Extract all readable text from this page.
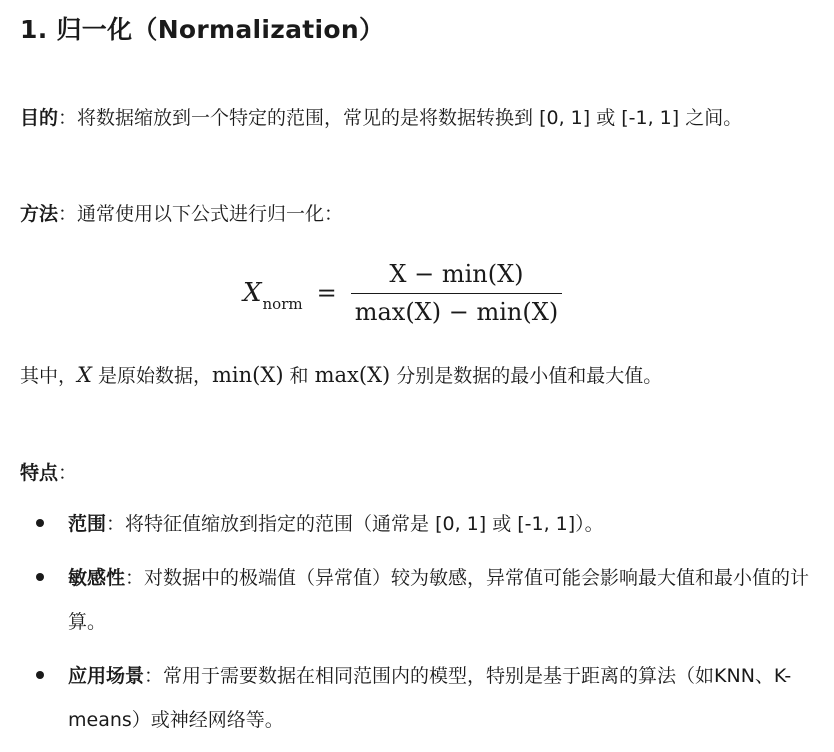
1. 归一化（Normalization）
目的：将数据缩放到一个特定的范围，常见的是将数据转换到 [0, 1] 或 [-1, 1] 之间。
方法：通常使用以下公式进行归一化：
$X_{norm} = \frac{X - \min(X)}{\max(X) - \min(X)}$
其中，X 是原始数据，min(X) 和 max(X) 分别是数据的最小值和最大值。
特点：
范围：将特征值缩放到指定的范围（通常是 [0, 1] 或 [-1, 1]）。
敏感性：对数据中的极端值（异常值）较为敏感，异常值可能会影响最大值和最小值的计算。
应用场景：常用于需要数据在相同范围内的模型，特别是基于距离的算法（如KNN、K-means）或神经网络等。
